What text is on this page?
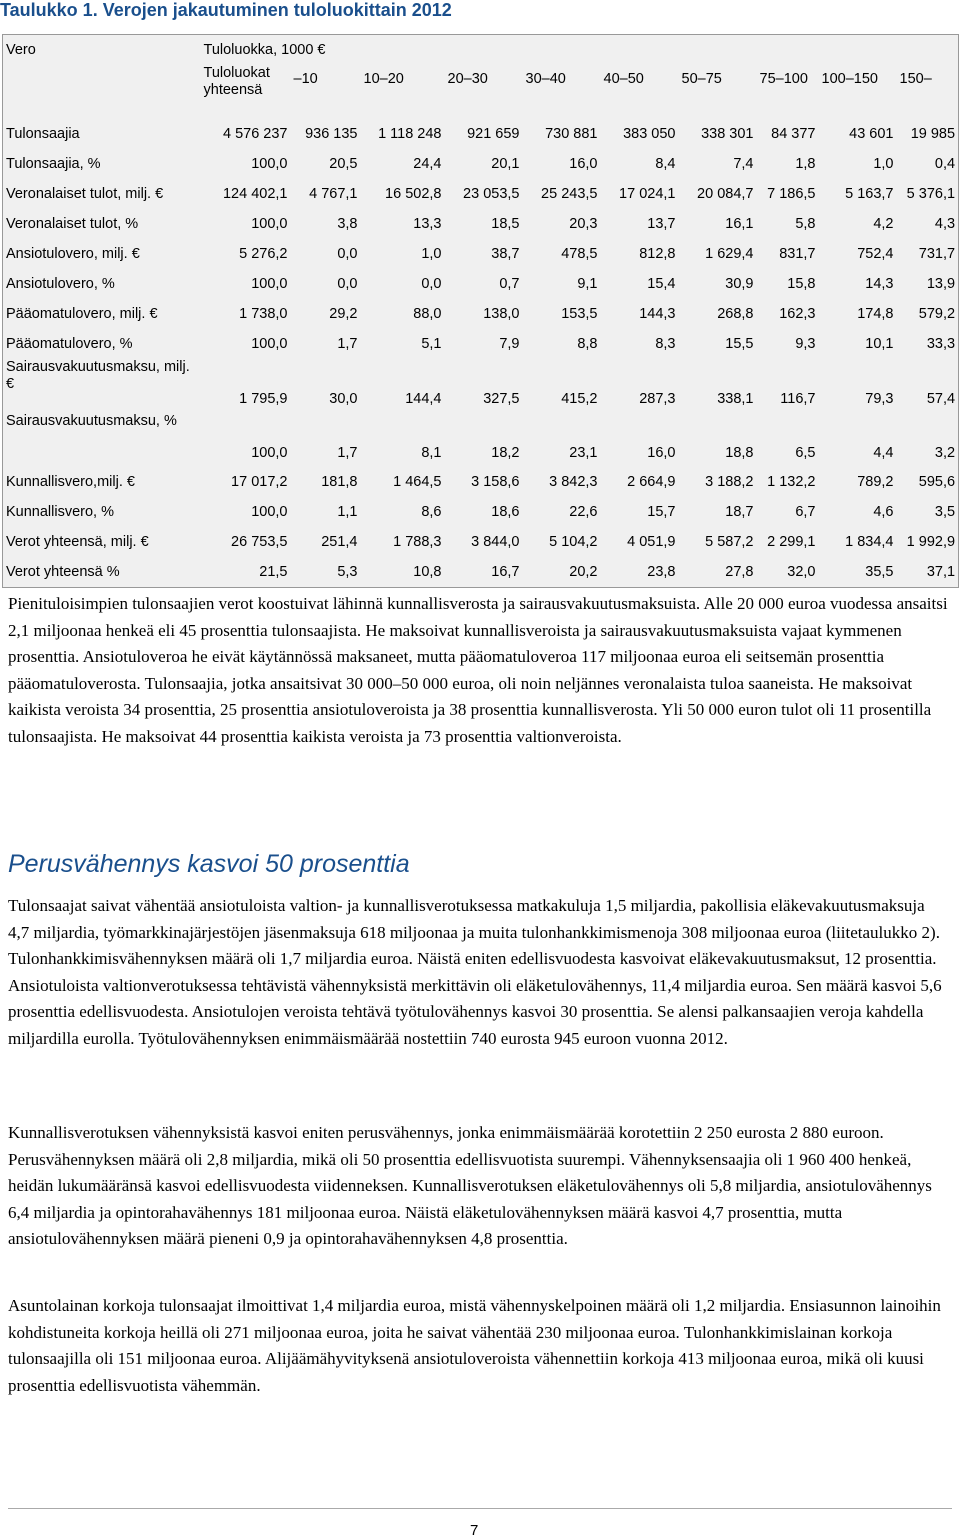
Taulukko 1. Verojen jakautuminen tuloluokittain 2012
Vero	Tuloluokka, 1000 €									
	Tuloluokat yhteensä	–10	10–20	20–30	30–40	40–50	50–75	75–100	100–150	150–
Tulonsaajia	4 576 237	936 135	1 118 248	921 659	730 881	383 050	338 301	84 377	43 601	19 985
Tulonsaajia, %	100,0	20,5	24,4	20,1	16,0	8,4	7,4	1,8	1,0	0,4
Veronalaiset tulot, milj. €	124 402,1	4 767,1	16 502,8	23 053,5	25 243,5	17 024,1	20 084,7	7 186,5	5 163,7	5 376,1
Veronalaiset tulot, %	100,0	3,8	13,3	18,5	20,3	13,7	16,1	5,8	4,2	4,3
Ansiotulovero, milj. €	5 276,2	0,0	1,0	38,7	478,5	812,8	1 629,4	831,7	752,4	731,7
Ansiotulovero, %	100,0	0,0	0,0	0,7	9,1	15,4	30,9	15,8	14,3	13,9
Pääomatulovero, milj. €	1 738,0	29,2	88,0	138,0	153,5	144,3	268,8	162,3	174,8	579,2
Pääomatulovero, %	100,0	1,7	5,1	7,9	8,8	8,3	15,5	9,3	10,1	33,3
Sairausvakuutusmaksu, milj. €	1 795,9	30,0	144,4	327,5	415,2	287,3	338,1	116,7	79,3	57,4
Sairausvakuutusmaksu, %	100,0	1,7	8,1	18,2	23,1	16,0	18,8	6,5	4,4	3,2
Kunnallisvero,milj. €	17 017,2	181,8	1 464,5	3 158,6	3 842,3	2 664,9	3 188,2	1 132,2	789,2	595,6
Kunnallisvero, %	100,0	1,1	8,6	18,6	22,6	15,7	18,7	6,7	4,6	3,5
Verot yhteensä, milj. €	26 753,5	251,4	1 788,3	3 844,0	5 104,2	4 051,9	5 587,2	2 299,1	1 834,4	1 992,9
Verot yhteensä %	21,5	5,3	10,8	16,7	20,2	23,8	27,8	32,0	35,5	37,1

Pienituloisimpien tulonsaajien verot koostuivat lähinnä kunnallisverosta ja sairausvakuutusmaksuista. Alle 20 000 euroa vuodessa ansaitsi 2,1 miljoonaa henkeä eli 45 prosenttia tulonsaajista. He maksoivat kunnallisveroista ja sairausvakuutusmaksuista vajaat kymmenen prosenttia. Ansiotuloveroa he eivät käytännössä maksaneet, mutta pääomatuloveroa 117 miljoonaa euroa eli seitsemän prosenttia pääomatuloverosta. Tulonsaajia, jotka ansaitsivat 30 000–50 000 euroa, oli noin neljännes veronalaista tuloa saaneista. He maksoivat kaikista veroista 34 prosenttia, 25 prosenttia ansiotuloveroista ja 38 prosenttia kunnallisverosta. Yli 50 000 euron tulot oli 11 prosentilla tulonsaajista. He maksoivat 44 prosenttia kaikista veroista ja 73 prosenttia valtionveroista.

Perusvähennys kasvoi 50 prosenttia

Tulonsaajat saivat vähentää ansiotuloista valtion- ja kunnallisverotuksessa matkakuluja 1,5 miljardia, pakollisia eläkevakuutusmaksuja 4,7 miljardia, työmarkkinajärjestöjen jäsenmaksuja 618 miljoonaa ja muita tulonhankkimismenoja 308 miljoonaa euroa (liitetaulukko 2). Tulonhankkimisvähennyksen määrä oli 1,7 miljardia euroa. Näistä eniten edellisvuodesta kasvoivat eläkevakuutusmaksut, 12 prosenttia. Ansiotuloista valtionverotuksessa tehtävistä vähennyksistä merkittävin oli eläketulovähennys, 11,4 miljardia euroa. Sen määrä kasvoi 5,6 prosenttia edellisvuodesta. Ansiotulojen veroista tehtävä työtulovähennys kasvoi 30 prosenttia. Se alensi palkansaajien veroja kahdella miljardilla eurolla. Työtulovähennyksen enimmäismäärää nostettiin 740 eurosta 945 euroon vuonna 2012.

Kunnallisverotuksen vähennyksistä kasvoi eniten perusvähennys, jonka enimmäismäärää korotettiin 2 250 eurosta 2 880 euroon. Perusvähennyksen määrä oli 2,8 miljardia, mikä oli 50 prosenttia edellisvuotista suurempi. Vähennyksensaajia oli 1 960 400 henkeä, heidän lukumääränsä kasvoi edellisvuodesta viidenneksen. Kunnallisverotuksen eläketulovähennys oli 5,8 miljardia, ansiotulovähennys 6,4 miljardia ja opintorahavähennys 181 miljoonaa euroa. Näistä eläketulovähennyksen määrä kasvoi 4,7 prosenttia, mutta ansiotulovähennyksen määrä pieneni 0,9 ja opintorahavähennyksen 4,8 prosenttia.

Asuntolainan korkoja tulonsaajat ilmoittivat 1,4 miljardia euroa, mistä vähennyskelpoinen määrä oli 1,2 miljardia. Ensiasunnon lainoihin kohdistuneita korkoja heillä oli 271 miljoonaa euroa, joita he saivat vähentää 230 miljoonaa euroa. Tulonhankkimislainan korkoja tulonsaajilla oli 151 miljoonaa euroa. Alijäämähyvityksenä ansiotuloveroista vähennettiin korkoja 413 miljoonaa euroa, mikä oli kuusi prosenttia edellisvuotista vähemmän.

7
